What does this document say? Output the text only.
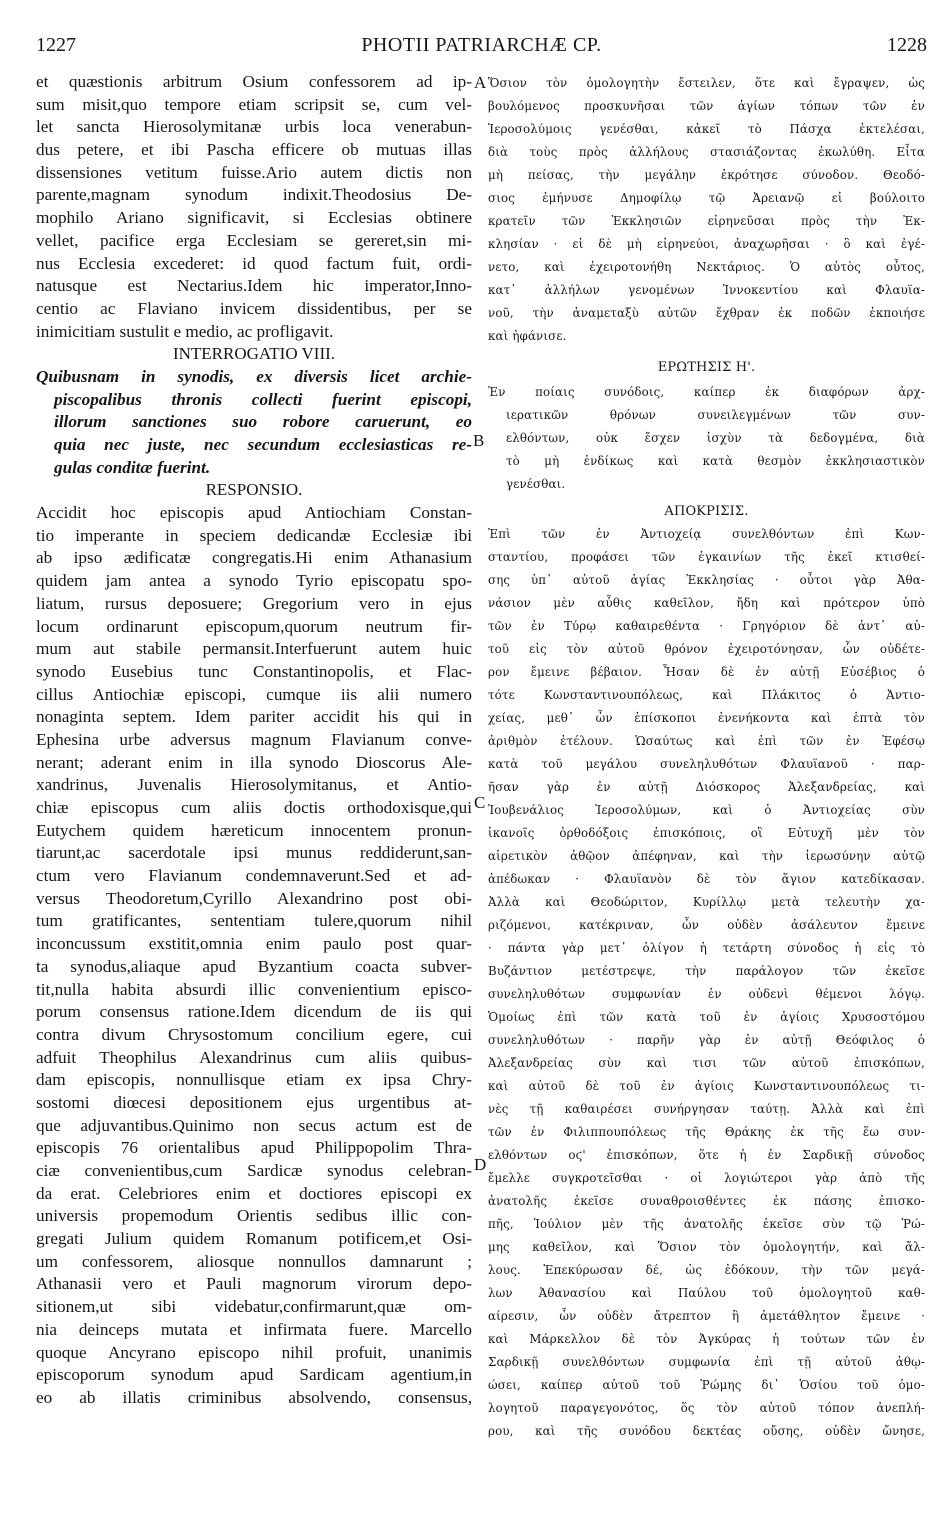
PHOTII PATRIARCHÆ CP.
1227	1228
A
B
C
D
et quæstionis arbitrum Osium confessorem ad ip-
sum misit,quo tempore etiam scripsit se, cum vel-
let sancta Hierosolymitanæ urbis loca venerabun-
dus petere, et ibi Pascha efficere ob mutuas illas
dissensiones vetitum fuisse.Ario autem dictis non
parente,magnam synodum indixit.Theodosius De-
mophilo Ariano significavit, si Ecclesias obtinere
vellet, pacifice erga Ecclesiam se gereret,sin mi-
nus Ecclesia excederet: id quod factum fuit, ordi-
natusque est Nectarius.Idem hic imperator,Inno-
centio ac Flaviano invicem dissidentibus, per se
inimicitiam sustulit e medio, ac profligavit.
INTERROGATIO VIII.
Quibusnam in synodis, ex diversis licet archie-
piscopalibus thronis collecti fuerint episcopi,
illorum sanctiones suo robore caruerunt, eo
quia nec juste, nec secundum ecclesiasticas re-
gulas conditæ fuerint.
RESPONSIO.
Accidit hoc episcopis apud Antiochiam Constan-
tio imperante in speciem dedicandæ Ecclesiæ ibi
ab ipso ædificatæ congregatis.Hi enim Athanasium
quidem jam antea a synodo Tyrio episcopatu spo-
liatum, rursus deposuere; Gregorium vero in ejus
locum ordinarunt episcopum,quorum neutrum fir-
mum aut stabile permansit.Interfuerunt autem huic
synodo Eusebius tunc Constantinopolis, et Flac-
cillus Antiochiæ episcopi, cumque iis alii numero
nonaginta septem. Idem pariter accidit his qui in
Ephesina urbe adversus magnum Flavianum conve-
nerant; aderant enim in illa synodo Dioscorus Ale-
xandrinus, Juvenalis Hierosolymitanus, et Antio-
chiæ episcopus cum aliis doctis orthodoxisque,qui
Eutychem quidem hæreticum innocentem pronun-
tiarunt,ac sacerdotale ipsi munus reddiderunt,san-
ctum vero Flavianum condemnaverunt.Sed et ad-
versus Theodoretum,Cyrillo Alexandrino post obi-
tum gratificantes, sententiam tulere,quorum nihil
inconcussum exstitit,omnia enim paulo post quar-
ta synodus,aliaque apud Byzantium coacta subver-
tit,nulla habita absurdi illic convenientium episco-
porum consensus ratione.Idem dicendum de iis qui
contra divum Chrysostomum concilium egere, cui
adfuit Theophilus Alexandrinus cum aliis quibus-
dam episcopis, nonnullisque etiam ex ipsa Chry-
sostomi diœcesi depositionem ejus urgentibus at-
que adjuvantibus.Quinimo non secus actum est de
episcopis 76 orientalibus apud Philippopolim Thra-
ciæ convenientibus,cum Sardicæ synodus celebran-
da erat. Celebriores enim et doctiores episcopi ex
universis propemodum Orientis sedibus illic con-
gregati Julium quidem Romanum potificem,et Osi-
um confessorem, aliosque nonnullos damnarunt ;
Athanasii vero et Pauli magnorum virorum depo-
sitionem,ut sibi videbatur,confirmarunt,quæ om-
nia deinceps mutata et infirmata fuere. Marcello
quoque Ancyrano episcopo nihil profuit, unanimis
episcoporum synodum apud Sardicam agentium,in
eo ab illatis criminibus absolvendo, consensus,
Ὅσιον τὸν ὁμολογητὴν ἔστειλεν, ὅτε καὶ ἔγραψεν, ὡς
βουλόμενος προσκυνῆσαι τῶν ἁγίων τόπων τῶν ἐν
Ἱεροσολύμοις γενέσθαι, κἀκεῖ τὸ Πάσχα ἐκτελέσαι,
διὰ τοὺς πρὸς ἀλλήλους στασιάζοντας ἐκωλύθη. Εἶτα
μὴ πείσας, τὴν μεγάλην ἐκρότησε σύνοδον. Θεοδό-
σιος ἐμήνυσε Δημοφίλῳ τῷ Ἀρειανῷ εἰ βούλοιτο
κρατεῖν τῶν Ἐκκλησιῶν εἰρηνεῦσαι πρὸς τὴν Ἐκ-
κλησίαν · εἰ δὲ μὴ εἰρηνεύοι, ἀναχωρῆσαι · ὃ καὶ ἐγέ-
νετο, καὶ ἐχειροτονήθη Νεκτάριος. Ὁ αὐτὸς οὗτος,
κατ᾽ ἀλλήλων γενομένων Ἰννοκεντίου καὶ Φλαυϊα-
νοῦ, τὴν ἀναμεταξὺ αὐτῶν ἔχθραν ἐκ ποδῶν ἐκποιήσε
καὶ ἠφάνισε.
ΕΡΩΤΗΣΙΣ Η'.
Ἐν ποίαις συνόδοις, καίπερ ἐκ διαφόρων ἀρχ-
ιερατικῶν θρόνων συνειλεγμένων τῶν συν-
ελθόντων, οὐκ ἔσχεν ἰσχὺν τὰ δεδογμένα, διὰ
τὸ μὴ ἐνδίκως καὶ κατὰ θεσμὸν ἐκκλησιαστικὸν
γενέσθαι.
ΑΠΟΚΡΙΣΙΣ.
Ἐπὶ τῶν ἐν Ἀντιοχείᾳ συνελθόντων ἐπὶ Κων-
σταντίου, προφάσει τῶν ἐγκαινίων τῆς ἐκεῖ κτισθεί-
σης ὑπ᾽ αὐτοῦ ἁγίας Ἐκκλησίας · οὗτοι γὰρ Ἀθα-
νάσιον μὲν αὖθις καθεῖλον, ἤδη καὶ πρότερον ὑπὸ
τῶν ἐν Τύρῳ καθαιρεθέντα · Γρηγόριον δὲ ἀντ᾽ αὐ-
τοῦ εἰς τὸν αὐτοῦ θρόνον ἐχειροτόνησαν, ὧν οὐδέτε-
ρον ἔμεινε βέβαιον. Ἦσαν δὲ ἐν αὐτῇ Εὐσέβιος ὁ
τότε Κωνσταντινουπόλεως, καὶ Πλάκιτος ὁ Ἀντιο-
χείας, μεθ᾽ ὧν ἐπίσκοποι ἐνενήκοντα καὶ ἑπτὰ τὸν
ἀριθμὸν ἐτέλουν. Ὡσαύτως καὶ ἐπὶ τῶν ἐν Ἐφέσῳ
κατὰ τοῦ μεγάλου συνεληλυθότων Φλαυϊανοῦ · παρ-
ῆσαν γὰρ ἐν αὐτῇ Διόσκορος Ἀλεξανδρείας, καὶ
Ἰουβενάλιος Ἱεροσολύμων, καὶ ὁ Ἀντιοχείας σὺν
ἱκανοῖς ὀρθοδόξοις ἐπισκόποις, οἳ Εὐτυχῆ μὲν τὸν
αἱρετικὸν ἀθῷον ἀπέφηναν, καὶ τὴν ἱερωσύνην αὐτῷ
ἀπέδωκαν · Φλαυϊανὸν δὲ τὸν ἅγιον κατεδίκασαν.
Ἀλλὰ καὶ Θεοδώριτον, Κυρίλλῳ μετὰ τελευτὴν χα-
ριζόμενοι, κατέκριναν, ὧν οὐδὲν ἀσάλευτον ἔμεινε
· πάντα γὰρ μετ᾽ ὀλίγον ἡ τετάρτη σύνοδος ἡ εἰς τὸ
Βυζάντιον μετέστρεψε, τὴν παράλογον τῶν ἐκεῖσε
συνεληλυθότων συμφωνίαν ἐν οὐδενὶ θέμενοι λόγῳ.
Ὁμοίως ἐπὶ τῶν κατὰ τοῦ ἐν ἁγίοις Χρυσοστόμου
συνεληλυθότων · παρῆν γὰρ ἐν αὐτῇ Θεόφιλος ὁ
Ἀλεξανδρείας σὺν καὶ τισι τῶν αὐτοῦ ἐπισκόπων,
καὶ αὐτοῦ δὲ τοῦ ἐν ἁγίοις Κωνσταντινουπόλεως τι-
νὲς τῇ καθαιρέσει συνήργησαν ταύτῃ. Ἀλλὰ καὶ ἐπὶ
τῶν ἐν Φιλιππουπόλεως τῆς Θράκης ἐκ τῆς ἕω συν-
ελθόντων οϛ' ἐπισκόπων, ὅτε ἡ ἐν Σαρδικῇ σύνοδος
ἔμελλε συγκροτεῖσθαι · οἱ λογιώτεροι γὰρ ἀπὸ τῆς
ἀνατολῆς ἐκεῖσε συναθροισθέντες ἐκ πάσης ἐπισκο-
πῆς, Ἰούλιον μὲν τῆς ἀνατολῆς ἐκεῖσε σὺν τῷ Ῥώ-
μης καθεῖλον, καὶ Ὅσιον τὸν ὁμολογητήν, καὶ ἄλ-
λους. Ἐπεκύρωσαν δέ, ὡς ἐδόκουν, τὴν τῶν μεγά-
λων Ἀθανασίου καὶ Παύλου τοῦ ὁμολογητοῦ καθ-
αίρεσιν, ὧν οὐδὲν ἄτρεπτον ἢ ἀμετάθλητον ἔμεινε ·
καὶ Μάρκελλον δὲ τὸν Ἀγκύρας ἡ τούτων τῶν ἐν
Σαρδικῇ συνελθόντων συμφωνία ἐπὶ τῇ αὐτοῦ ἀθῳ-
ώσει, καίπερ αὐτοῦ τοῦ Ῥώμης δι᾽ Ὁσίου τοῦ ὁμο-
λογητοῦ παραγεγονότος, ὅς τὸν αὐτοῦ τόπον ἀνεπλή-
ρου, καὶ τῆς συνόδου δεκτέας οὔσης, οὐδὲν ὤνησε,
